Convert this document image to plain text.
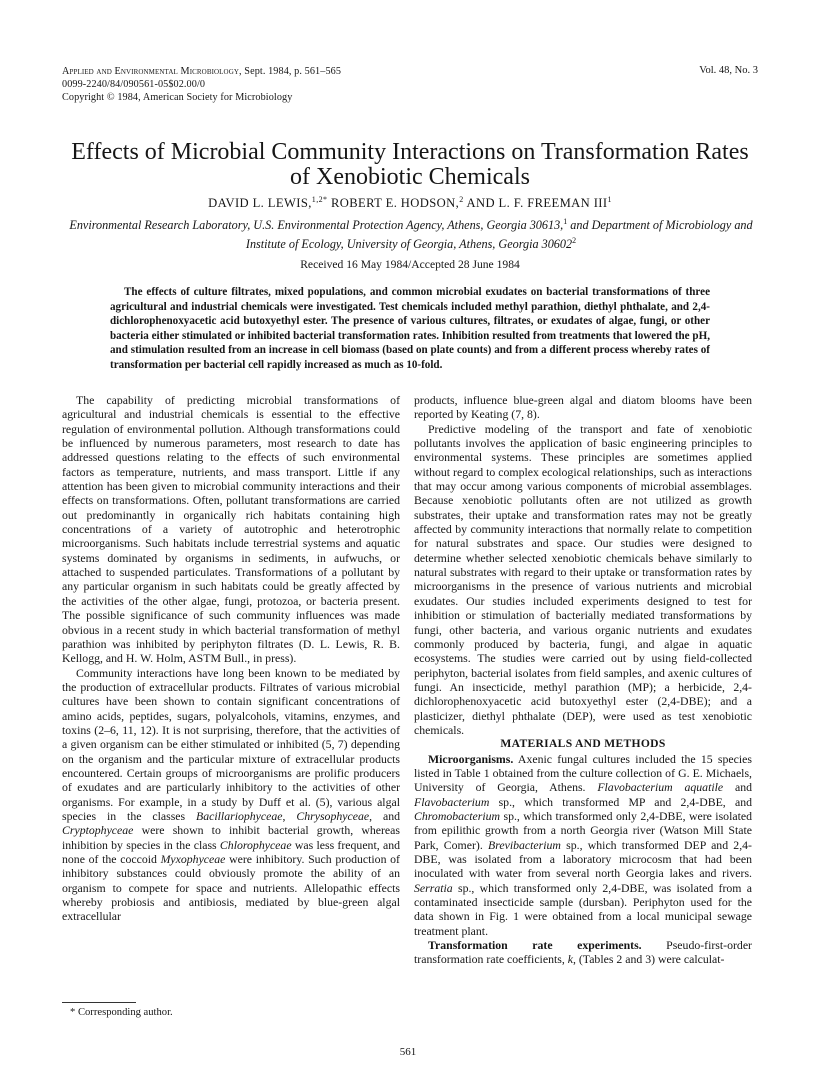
Applied and Environmental Microbiology, Sept. 1984, p. 561–565
0099-2240/84/090561-05$02.00/0
Copyright © 1984, American Society for Microbiology
Vol. 48, No. 3
Effects of Microbial Community Interactions on Transformation Rates of Xenobiotic Chemicals
DAVID L. LEWIS,$^{1,2*}$ ROBERT E. HODSON,$^2$ AND L. F. FREEMAN III$^1$
Environmental Research Laboratory, U.S. Environmental Protection Agency, Athens, Georgia 30613,$^1$ and Department of Microbiology and Institute of Ecology, University of Georgia, Athens, Georgia 30602$^2$
Received 16 May 1984/Accepted 28 June 1984
The effects of culture filtrates, mixed populations, and common microbial exudates on bacterial transformations of three agricultural and industrial chemicals were investigated. Test chemicals included methyl parathion, diethyl phthalate, and 2,4-dichlorophenoxyacetic acid butoxyethyl ester. The presence of various cultures, filtrates, or exudates of algae, fungi, or other bacteria either stimulated or inhibited bacterial transformation rates. Inhibition resulted from treatments that lowered the pH, and stimulation resulted from an increase in cell biomass (based on plate counts) and from a different process whereby rates of transformation per bacterial cell rapidly increased as much as 10-fold.

The capability of predicting microbial transformations of agricultural and industrial chemicals is essential to the effective regulation of environmental pollution. Although transformations could be influenced by numerous parameters, most research to date has addressed questions relating to the effects of such environmental factors as temperature, nutrients, and mass transport. Little if any attention has been given to microbial community interactions and their effects on transformations. Often, pollutant transformations are carried out predominantly in organically rich habitats containing high concentrations of a variety of autotrophic and heterotrophic microorganisms. Such habitats include terrestrial systems and aquatic systems dominated by organisms in sediments, in aufwuchs, or attached to suspended particulates. Transformations of a pollutant by any particular organism in such habitats could be greatly affected by the activities of the other algae, fungi, protozoa, or bacteria present. The possible significance of such community influences was made obvious in a recent study in which bacterial transformation of methyl parathion was inhibited by periphyton filtrates (D. L. Lewis, R. B. Kellogg, and H. W. Holm, ASTM Bull., in press).

Community interactions have long been known to be mediated by the production of extracellular products. Filtrates of various microbial cultures have been shown to contain significant concentrations of amino acids, peptides, sugars, polyalcohols, vitamins, enzymes, and toxins (2–6, 11, 12). It is not surprising, therefore, that the activities of a given organism can be either stimulated or inhibited (5, 7) depending on the organism and the particular mixture of extracellular products encountered. Certain groups of microorganisms are prolific producers of exudates and are particularly inhibitory to the activities of other organisms. For example, in a study by Duff et al. (5), various algal species in the classes Bacillariophyceae, Chrysophyceae, and Cryptophyceae were shown to inhibit bacterial growth, whereas inhibition by species in the class Chlorophyceae was less frequent, and none of the coccoid Myxophyceae were inhibitory. Such production of inhibitory substances could obviously promote the ability of an organism to compete for space and nutrients. Allelopathic effects whereby probiosis and antibiosis, mediated by blue-green algal extracellular

products, influence blue-green algal and diatom blooms have been reported by Keating (7, 8).

Predictive modeling of the transport and fate of xenobiotic pollutants involves the application of basic engineering principles to environmental systems. These principles are sometimes applied without regard to complex ecological relationships, such as interactions that may occur among various components of microbial assemblages. Because xenobiotic pollutants often are not utilized as growth substrates, their uptake and transformation rates may not be greatly affected by community interactions that normally relate to competition for natural substrates and space. Our studies were designed to determine whether selected xenobiotic chemicals behave similarly to natural substrates with regard to their uptake or transformation rates by microorganisms in the presence of various nutrients and microbial exudates. Our studies included experiments designed to test for inhibition or stimulation of bacterially mediated transformations by fungi, other bacteria, and various organic nutrients and exudates commonly produced by bacteria, fungi, and algae in aquatic ecosystems. The studies were carried out by using field-collected periphyton, bacterial isolates from field samples, and axenic cultures of fungi. An insecticide, methyl parathion (MP); a herbicide, 2,4-dichlorophenoxyacetic acid butoxyethyl ester (2,4-DBE); and a plasticizer, diethyl phthalate (DEP), were used as test xenobiotic chemicals.

MATERIALS AND METHODS

Microorganisms. Axenic fungal cultures included the 15 species listed in Table 1 obtained from the culture collection of G. E. Michaels, University of Georgia, Athens. Flavobacterium aquatile and Flavobacterium sp., which transformed MP and 2,4-DBE, and Chromobacterium sp., which transformed only 2,4-DBE, were isolated from epilithic growth from a north Georgia river (Watson Mill State Park, Comer). Brevibacterium sp., which transformed DEP and 2,4-DBE, was isolated from a laboratory microcosm that had been inoculated with water from several north Georgia lakes and rivers. Serratia sp., which transformed only 2,4-DBE, was isolated from a contaminated insecticide sample (dursban). Periphyton used for the data shown in Fig. 1 were obtained from a local municipal sewage treatment plant.

Transformation rate experiments. Pseudo-first-order transformation rate coefficients, k, (Tables 2 and 3) were calculat-

* Corresponding author.
561
